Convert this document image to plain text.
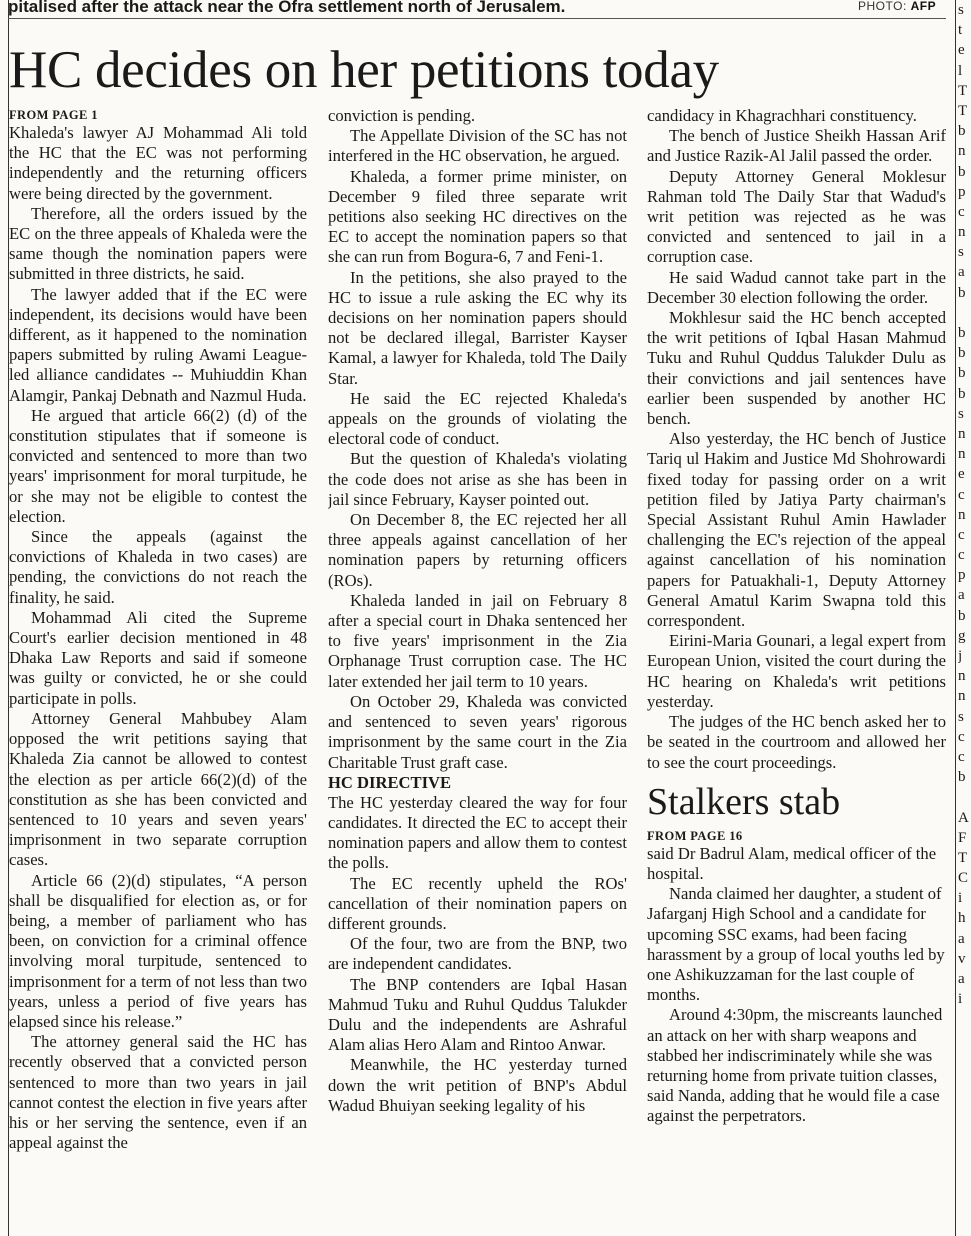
pitalised after the attack near the Ofra settlement north of Jerusalem.	PHOTO: AFP
HC decides on her petitions today
FROM PAGE 1

Khaleda's lawyer AJ Mohammad Ali told the HC that the EC was not performing independently and the returning officers were being directed by the government.

Therefore, all the orders issued by the EC on the three appeals of Khaleda were the same though the nomination papers were submitted in three districts, he said.

The lawyer added that if the EC were independent, its decisions would have been different, as it happened to the nomination papers submitted by ruling Awami League-led alliance candidates -- Muhiuddin Khan Alamgir, Pankaj Debnath and Nazmul Huda.

He argued that article 66(2) (d) of the constitution stipulates that if someone is convicted and sentenced to more than two years' imprisonment for moral turpitude, he or she may not be eligible to contest the election.

Since the appeals (against the convictions of Khaleda in two cases) are pending, the convictions do not reach the finality, he said.

Mohammad Ali cited the Supreme Court's earlier decision mentioned in 48 Dhaka Law Reports and said if someone was guilty or convicted, he or she could participate in polls.

Attorney General Mahbubey Alam opposed the writ petitions saying that Khaleda Zia cannot be allowed to contest the election as per article 66(2)(d) of the constitution as she has been convicted and sentenced to 10 years and seven years' imprisonment in two separate corruption cases.

Article 66 (2)(d) stipulates, “A person shall be disqualified for election as, or for being, a member of parliament who has been, on conviction for a criminal offence involving moral turpitude, sentenced to imprisonment for a term of not less than two years, unless a period of five years has elapsed since his release.”

The attorney general said the HC has recently observed that a convicted person sentenced to more than two years in jail cannot contest the election in five years after his or her serving the sentence, even if an appeal against the

conviction is pending.

The Appellate Division of the SC has not interfered in the HC observation, he argued.

Khaleda, a former prime minister, on December 9 filed three separate writ petitions also seeking HC directives on the EC to accept the nomination papers so that she can run from Bogura-6, 7 and Feni-1.

In the petitions, she also prayed to the HC to issue a rule asking the EC why its decisions on her nomination papers should not be declared illegal, Barrister Kayser Kamal, a lawyer for Khaleda, told The Daily Star.

He said the EC rejected Khaleda's appeals on the grounds of violating the electoral code of conduct.

But the question of Khaleda's violating the code does not arise as she has been in jail since February, Kayser pointed out.

On December 8, the EC rejected her all three appeals against cancellation of her nomination papers by returning officers (ROs).

Khaleda landed in jail on February 8 after a special court in Dhaka sentenced her to five years' imprisonment in the Zia Orphanage Trust corruption case. The HC later extended her jail term to 10 years.

On October 29, Khaleda was convicted and sentenced to seven years' rigorous imprisonment by the same court in the Zia Charitable Trust graft case.

HC DIRECTIVE

The HC yesterday cleared the way for four candidates. It directed the EC to accept their nomination papers and allow them to contest the polls.

The EC recently upheld the ROs' cancellation of their nomination papers on different grounds.

Of the four, two are from the BNP, two are independent candidates.

The BNP contenders are Iqbal Hasan Mahmud Tuku and Ruhul Quddus Talukder Dulu and the independents are Ashraful Alam alias Hero Alam and Rintoo Anwar.

Meanwhile, the HC yesterday turned down the writ petition of BNP's Abdul Wadud Bhuiyan seeking legality of his

candidacy in Khagrachhari constituency.

The bench of Justice Sheikh Hassan Arif and Justice Razik-Al Jalil passed the order.

Deputy Attorney General Moklesur Rahman told The Daily Star that Wadud's writ petition was rejected as he was convicted and sentenced to jail in a corruption case.

He said Wadud cannot take part in the December 30 election following the order.

Mokhlesur said the HC bench accepted the writ petitions of Iqbal Hasan Mahmud Tuku and Ruhul Quddus Talukder Dulu as their convictions and jail sentences have earlier been suspended by another HC bench.

Also yesterday, the HC bench of Justice Tariq ul Hakim and Justice Md Shohrowardi fixed today for passing order on a writ petition filed by Jatiya Party chairman's Special Assistant Ruhul Amin Hawlader challenging the EC's rejection of the appeal against cancellation of his nomination papers for Patuakhali-1, Deputy Attorney General Amatul Karim Swapna told this correspondent.

Eirini-Maria Gounari, a legal expert from European Union, visited the court during the HC hearing on Khaleda's writ petitions yesterday.

The judges of the HC bench asked her to be seated in the courtroom and allowed her to see the court proceedings.

Stalkers stab
FROM PAGE 16

said Dr Badrul Alam, medical officer of the hospital.

Nanda claimed her daughter, a student of Jafarganj High School and a candidate for upcoming SSC exams, had been facing harassment by a group of local youths led by one Ashikuzzaman for the last couple of months.

Around 4:30pm, the miscreants launched an attack on her with sharp weapons and stabbed her indiscriminately while she was returning home from private tuition classes, said Nanda, adding that he would file a case against the perpetrators.

s
t
e
l
T
T
b
n
b
p
c
n
s
a
b
b
b
b
b
s
n
n
e
c
n
c
c
p
a
b
g
j
n
n
s
c
c
b
A
F
T
C
i
h
a
v
a
i
